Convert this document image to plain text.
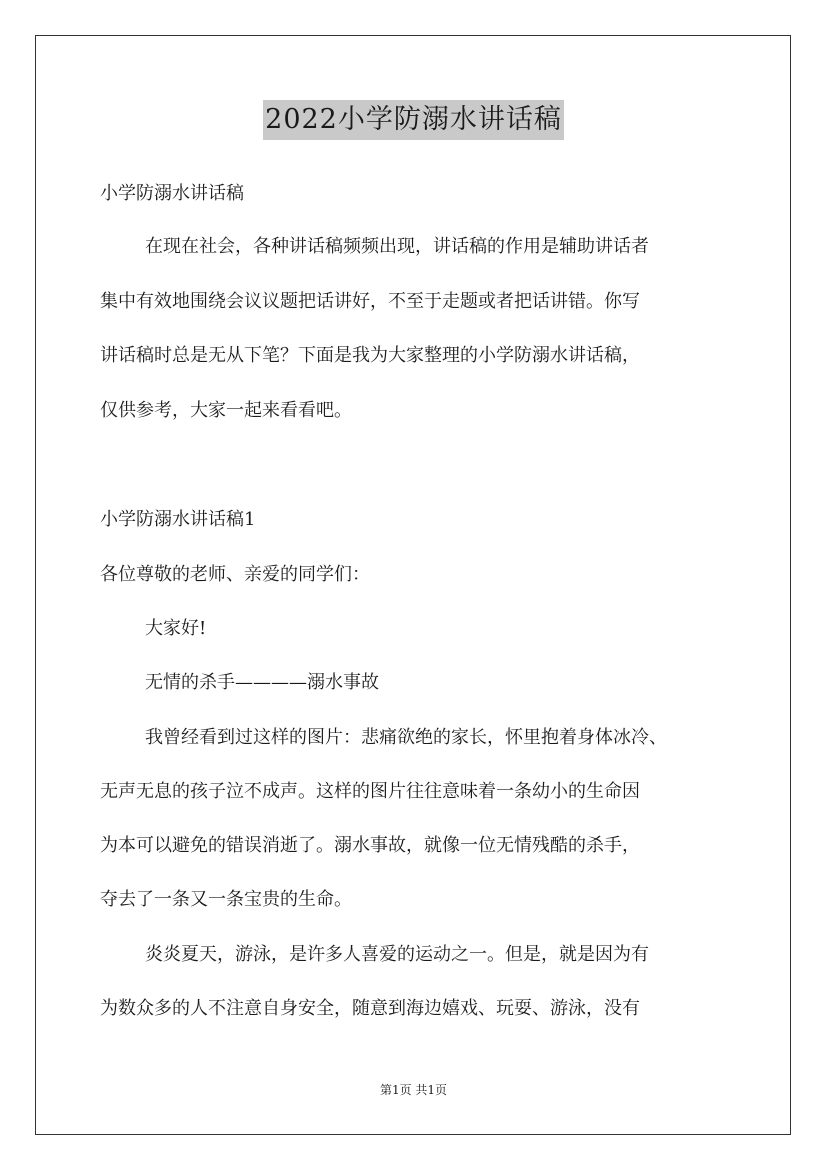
2022小学防溺水讲话稿
小学防溺水讲话稿
在现在社会，各种讲话稿频频出现，讲话稿的作用是辅助讲话者
集中有效地围绕会议议题把话讲好，不至于走题或者把话讲错。你写
讲话稿时总是无从下笔？下面是我为大家整理的小学防溺水讲话稿，
仅供参考，大家一起来看看吧。
小学防溺水讲话稿1
各位尊敬的老师、亲爱的同学们：
大家好!
无情的杀手————溺水事故
我曾经看到过这样的图片：悲痛欲绝的家长，怀里抱着身体冰冷、
无声无息的孩子泣不成声。这样的图片往往意味着一条幼小的生命因
为本可以避免的错误消逝了。溺水事故，就像一位无情残酷的杀手，
夺去了一条又一条宝贵的生命。
炎炎夏天，游泳，是许多人喜爱的运动之一。但是，就是因为有
为数众多的人不注意自身安全，随意到海边嬉戏、玩耍、游泳，没有
第1页 共1页
